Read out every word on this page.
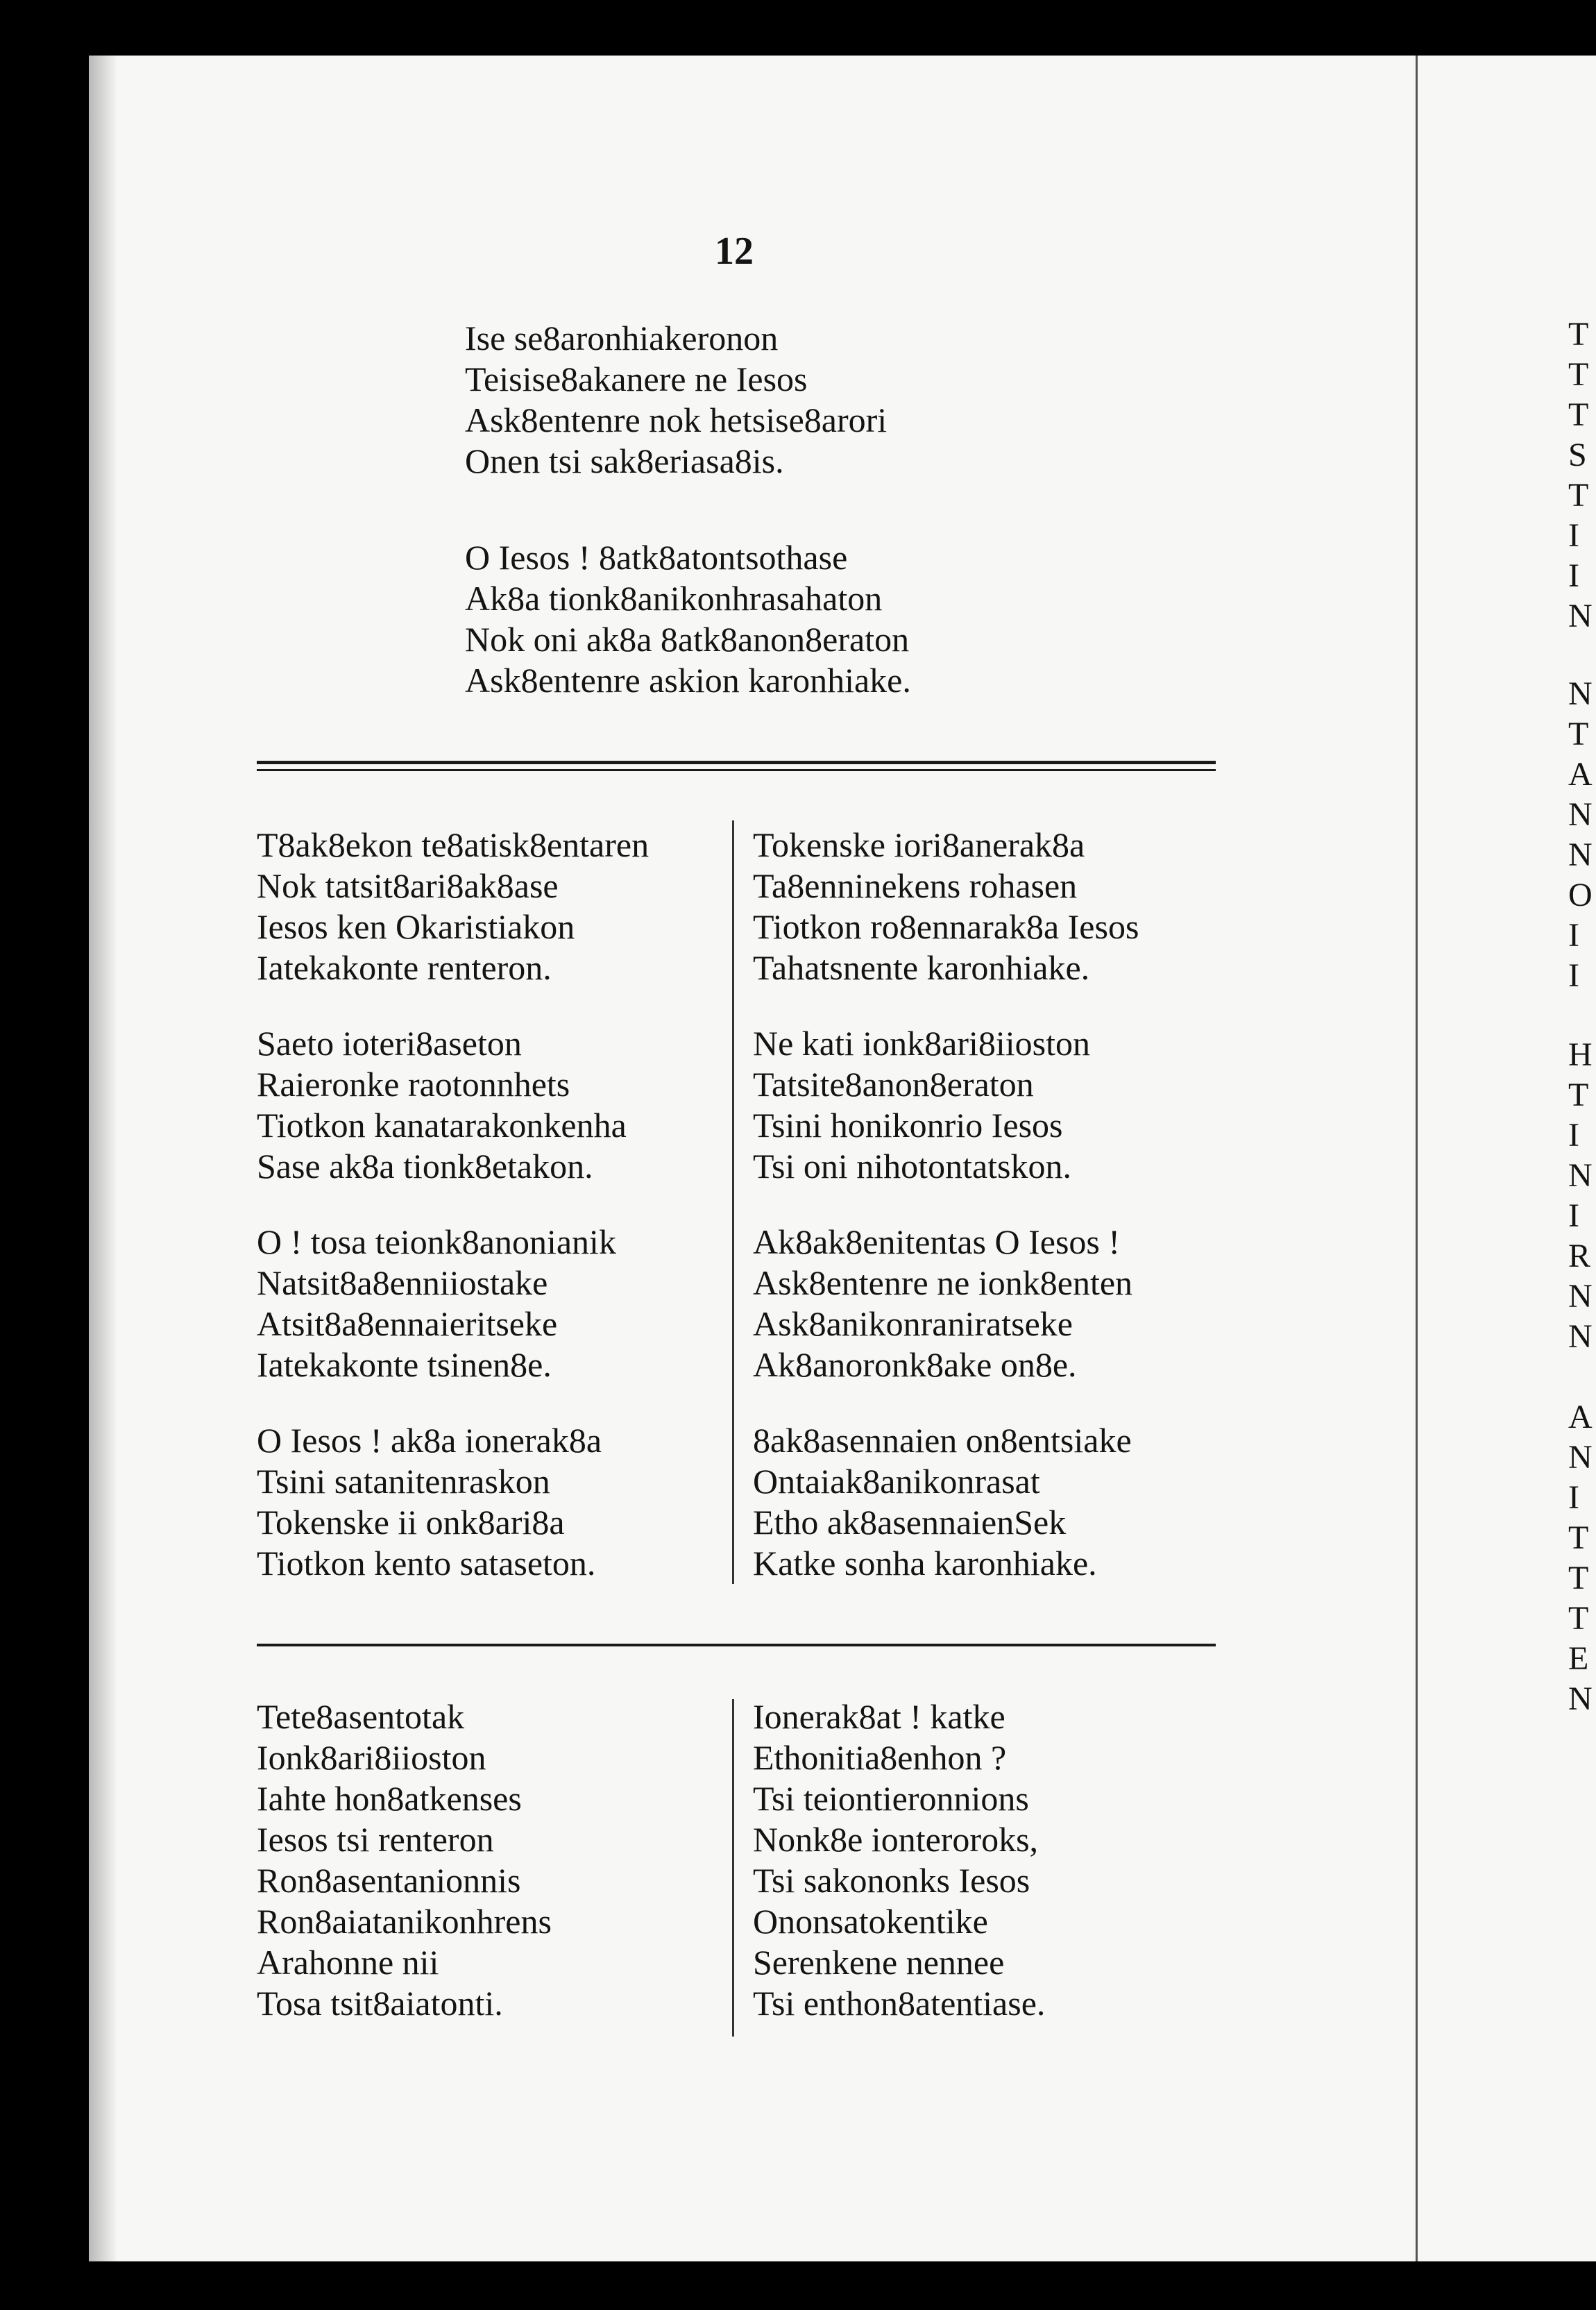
12
Ise se8aronhiakeronon
Teisise8akanere ne Iesos
Ask8entenre nok hetsise8arori
Onen tsi sak8eriasa8is.
O Iesos ! 8atk8atontsothase
Ak8a tionk8anikonhrasahaton
Nok oni ak8a 8atk8anon8eraton
Ask8entenre askion karonhiake.
T8ak8ekon te8atisk8entaren
Nok tatsit8ari8ak8ase
Iesos ken Okaristiakon
Iatekakonte renteron.
Saeto ioteri8aseton
Raieronke raotonnhets
Tiotkon kanatarakonkenha
Sase ak8a tionk8etakon.
O ! tosa teionk8anonianik
Natsit8a8enniiostake
Atsit8a8ennaieritseke
Iatekakonte tsinen8e.
O Iesos ! ak8a ionerak8a
Tsini satanitenraskon
Tokenske ii onk8ari8a
Tiotkon kento sataseton.
Tokenske iori8anerak8a
Ta8enninekens rohasen
Tiotkon ro8ennarak8a Iesos
Tahatsnente karonhiake.
Ne kati ionk8ari8iioston
Tatsite8anon8eraton
Tsini honikonrio Iesos
Tsi oni nihotontatskon.
Ak8ak8enitentas O Iesos !
Ask8entenre ne ionk8enten
Ask8anikonraniratseke
Ak8anoronk8ake on8e.
8ak8asennaien on8entsiake
Ontaiak8anikonrasat
Etho ak8asennaienSek
Katke sonha karonhiake.
Tete8asentotak
Ionk8ari8iioston
Iahte hon8atkenses
Iesos tsi renteron
Ron8asentanionnis
Ron8aiatanikonhrens
Arahonne nii
Tosa tsit8aiatonti.
Ionerak8at ! katke
Ethonitia8enhon ?
Tsi teiontieronnions
Nonk8e ionteroroks,
Tsi sakononks Iesos
Ononsatokentike
Serenkene nennee
Tsi enthon8atentiase.
T
T
T
S
T
I
I
N
N
T
A
N
N
O
I
I
H
T
I
N
I
R
N
N
A
N
I
T
T
T
E
N
